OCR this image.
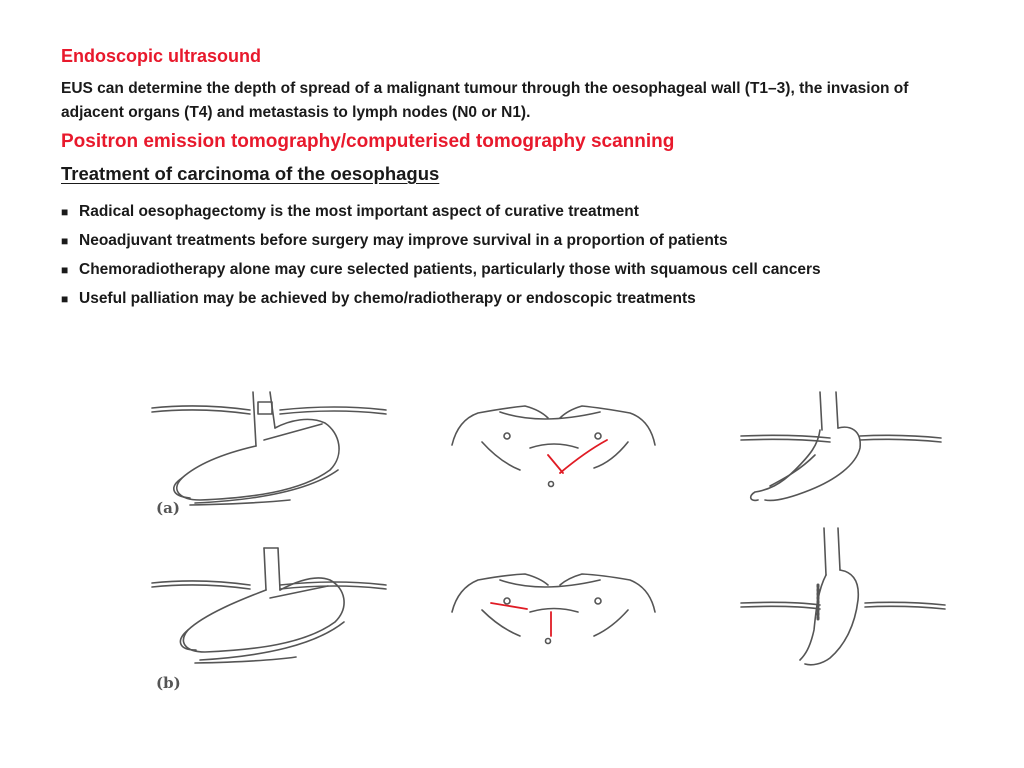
Endoscopic ultrasound

EUS can determine the depth of spread of a malignant tumour through the oesophageal wall (T1–3), the invasion of adjacent organs (T4) and metastasis to lymph nodes (N0 or N1).

Positron emission tomography/computerised tomography scanning
Treatment of carcinoma of the oesophagus
■ Radical oesophagectomy is the most important aspect of curative treatment
■ Neoadjuvant treatments before surgery may improve survival in a proportion of patients
■ Chemoradiotherapy alone may cure selected patients, particularly those with squamous cell cancers
■ Useful palliation may be achieved by chemo/radiotherapy or endoscopic treatments
(a)
(b)
